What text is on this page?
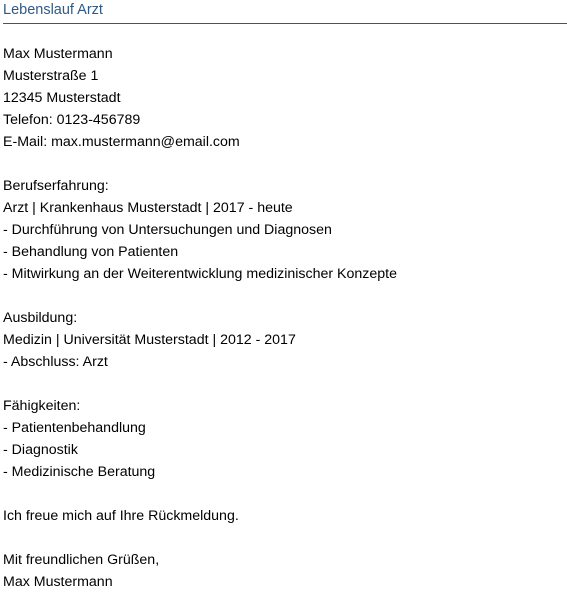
Lebenslauf Arzt
Max Mustermann
Musterstraße 1
12345 Musterstadt
Telefon: 0123-456789
E-Mail: max.mustermann@email.com
Berufserfahrung:
Arzt | Krankenhaus Musterstadt | 2017 - heute
- Durchführung von Untersuchungen und Diagnosen
- Behandlung von Patienten
- Mitwirkung an der Weiterentwicklung medizinischer Konzepte
Ausbildung:
Medizin | Universität Musterstadt | 2012 - 2017
- Abschluss: Arzt
Fähigkeiten:
- Patientenbehandlung
- Diagnostik
- Medizinische Beratung
Ich freue mich auf Ihre Rückmeldung.
Mit freundlichen Grüßen,
Max Mustermann
